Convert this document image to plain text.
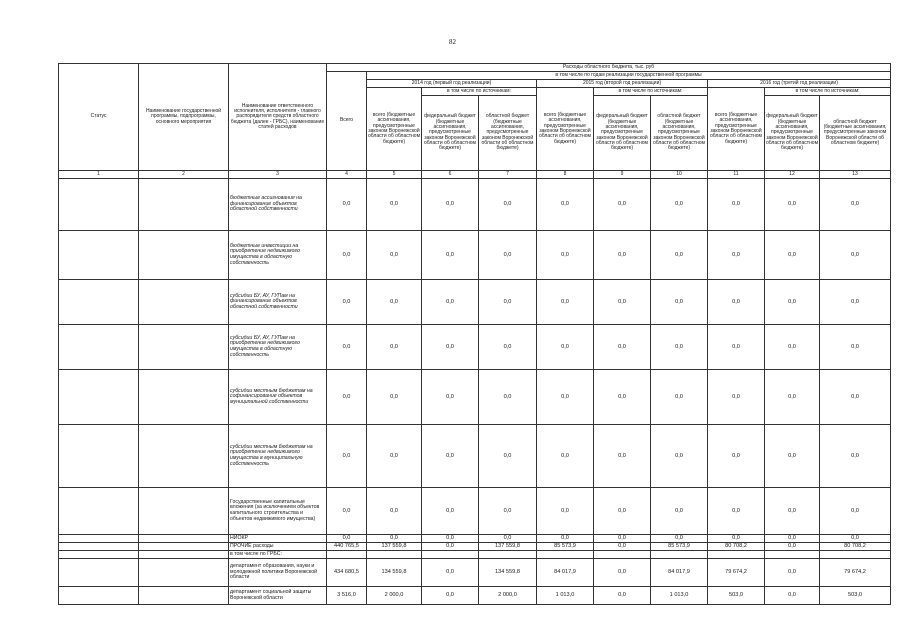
82
Статус	Наименование государственной программы, подпрограммы, основного мероприятия	Наименование ответственного исполнителя, исполнителя - главного распорядителя средств областного бюджета (далее - ГРБС), наименование статей расходов	Расходы областного бюджета, тыс. руб									
			Всего	в том числе по годам реализации государственной программы								
				2014 год (первый год реализации)			2015 год (второй год реализации)			2016 год (третий год реализации)		
				всего (бюджетные ассигнования, предусмотренные законом Воронежской области об областном бюджете)	в том числе по источникам:		всего (бюджетные ассигнования, предусмотренные законом Воронежской области об областном бюджете)	в том числе по источникам:		всего (бюджетные ассигнования, предусмотренные законом Воронежской области об областном бюджете)	в том числе по источникам:	
					федеральный бюджет (бюджетные ассигнования, предусмотренные законом Воронежской области об областном бюджете)	областной бюджет (бюджетные ассигнования, предусмотренные законом Воронежской области об областном бюджете)		федеральный бюджет (бюджетные ассигнования, предусмотренные законом Воронежской области об областном бюджете)	областной бюджет (бюджетные ассигнования, предусмотренные законом Воронежской области об областном бюджете)		федеральный бюджет (бюджетные ассигнования, предусмотренные законом Воронежской области об областном бюджете)	областной бюджет (бюджетные ассигнования, предусмотренные законом Воронежской области об областном бюджете)
1	2	3	4	5	6	7	8	9	10	11	12	13
		бюджетные ассигнования на финансирование объектов областной собственности	0,0	0,0	0,0	0,0	0,0	0,0	0,0	0,0	0,0	0,0
		бюджетные инвестиции на приобретение недвижимого имущества в областную собственность	0,0	0,0	0,0	0,0	0,0	0,0	0,0	0,0	0,0	0,0
		субсидии БУ, АУ, ГУПам на финансирование объектов областной собственности	0,0	0,0	0,0	0,0	0,0	0,0	0,0	0,0	0,0	0,0
		субсидии БУ, АУ, ГУПам на приобретение недвижимого имущества в областную собственность	0,0	0,0	0,0	0,0	0,0	0,0	0,0	0,0	0,0	0,0
		субсидии местным бюджетам на софинансирование объектов муниципальной собственности	0,0	0,0	0,0	0,0	0,0	0,0	0,0	0,0	0,0	0,0
		субсидии местным бюджетам на приобретение недвижимого имущества в муниципальную собственность	0,0	0,0	0,0	0,0	0,0	0,0	0,0	0,0	0,0	0,0
		Государственные капитальные вложения (за исключением объектов капитального строительства и объектов недвижимого имущества)	0,0	0,0	0,0	0,0	0,0	0,0	0,0	0,0	0,0	0,0
		НИОКР	0,0	0,0	0,0	0,0	0,0	0,0	0,0	0,0	0,0	0,0
		ПРОЧИЕ расходы	440 765,5	137 559,8	0,0	137 559,8	85 573,9	0,0	85 573,9	80 708,2	0,0	80 708,2
		в том числе по ГРБС:										
		департамент образования, науки и молодежной политики Воронежской области	434 680,5	134 559,8	0,0	134 559,8	84 017,9	0,0	84 017,9	79 674,2	0,0	79 674,2
		департамент социальной защиты Воронежской области	3 516,0	2 000,0	0,0	2 000,0	1 013,0	0,0	1 013,0	503,0	0,0	503,0
